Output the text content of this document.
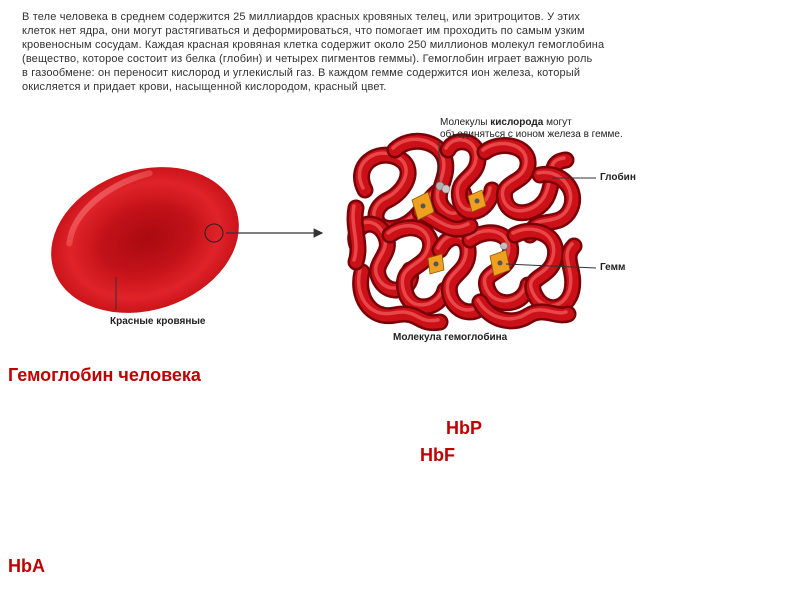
В теле человека в среднем содержится 25 миллиардов красных кровяных телец, или эритроцитов. У этих
клеток нет ядра, они могут растягиваться и деформироваться, что помогает им проходить по самым узким
кровеносным сосудам. Каждая красная кровяная клетка содержит около 250 миллионов молекул гемоглобина
(вещество, которое состоит из белка (глобин) и четырех пигментов геммы). Гемоглобин играет важную роль
в газообмене: он переносит кислород и углекислый газ. В каждом гемме содержится ион железа, который
окисляется и придает крови, насыщенной кислородом, красный цвет.
Молекулы кислорода могут
объединяться с ионом железа в гемме.
Глобин
Гемм
Красные кровяные
Молекула гемоглобина
Гемоглобин человека
HbP
HbF
HbA
